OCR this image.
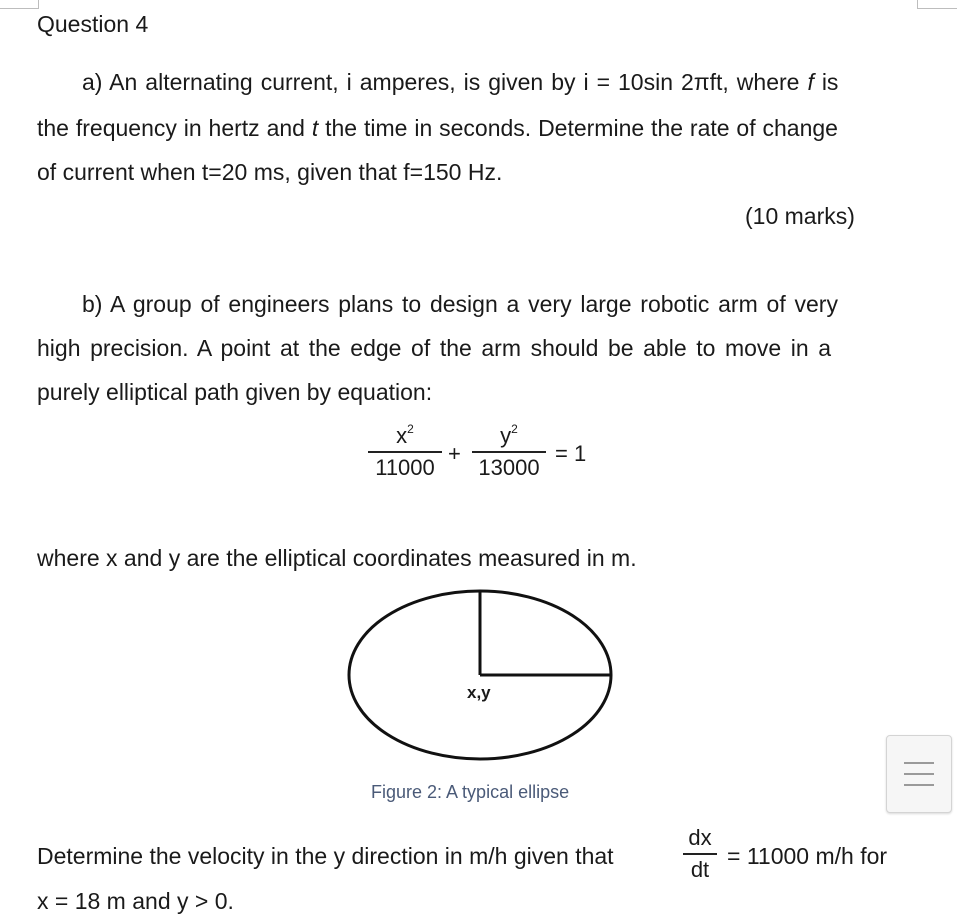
Question 4
a) An alternating current, i amperes, is given by i = 10sin 2πft, where f is
the frequency in hertz and t the time in seconds. Determine the rate of change
of current when t=20 ms, given that f=150 Hz.
(10 marks)
b) A group of engineers plans to design a very large robotic arm of very
high precision. A point at the edge of the arm should be able to move in a
purely elliptical path given by equation:
$x^2$
11000
+
$y^2$
13000
= 1
where x and y are the elliptical coordinates measured in m.
x,y
Figure 2: A typical ellipse
Determine the velocity in the y direction in m/h given that
dx
dt = 11000 m/h for
x = 18 m and y > 0.
